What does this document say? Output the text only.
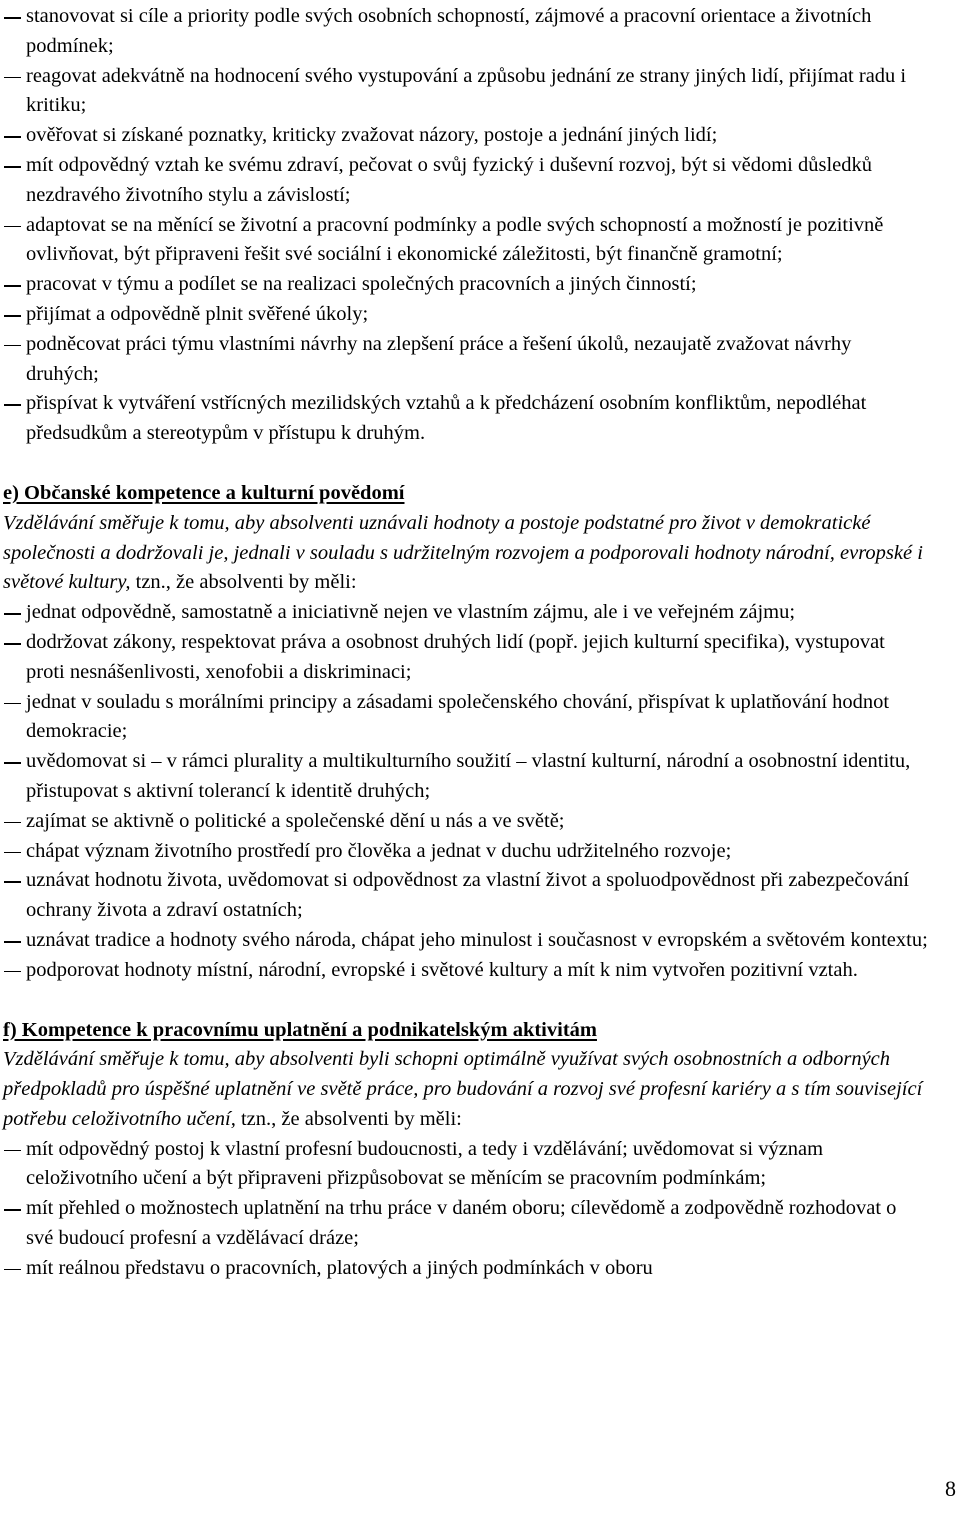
stanovovat si cíle a priority podle svých osobních schopností, zájmové a pracovní orientace a životních podmínek;
reagovat adekvátně na hodnocení svého vystupování a způsobu jednání ze strany jiných lidí, přijímat radu i kritiku;
ověřovat si získané poznatky, kriticky zvažovat názory, postoje a jednání jiných lidí;
mít odpovědný vztah ke svému zdraví, pečovat o svůj fyzický i duševní rozvoj, být si vědomi důsledků nezdravého životního stylu a závislostí;
adaptovat se na měnící se životní a pracovní podmínky a podle svých schopností a možností je pozitivně ovlivňovat, být připraveni řešit své sociální i ekonomické záležitosti, být finančně gramotní;
pracovat v týmu a podílet se na realizaci společných pracovních a jiných činností;
přijímat a odpovědně plnit svěřené úkoly;
podněcovat práci týmu vlastními návrhy na zlepšení práce a řešení úkolů, nezaujatě zvažovat návrhy druhých;
přispívat k vytváření vstřícných mezilidských vztahů a k předcházení osobním konfliktům, nepodléhat předsudkům a stereotypům v přístupu k druhým.
e) Občanské kompetence a kulturní povědomí
Vzdělávání směřuje k tomu, aby absolventi uznávali hodnoty a postoje podstatné pro život v demokratické společnosti a dodržovali je, jednali v souladu s udržitelným rozvojem a podporovali hodnoty národní, evropské i světové kultury, tzn., že absolventi by měli:
jednat odpovědně, samostatně a iniciativně nejen ve vlastním zájmu, ale i ve veřejném zájmu;
dodržovat zákony, respektovat práva a osobnost druhých lidí (popř. jejich kulturní specifika), vystupovat proti nesnášenlivosti, xenofobii a diskriminaci;
jednat v souladu s morálními principy a zásadami společenského chování, přispívat k uplatňování hodnot demokracie;
uvědomovat si – v rámci plurality a multikulturního soužití – vlastní kulturní, národní a osobnostní identitu, přistupovat s aktivní tolerancí k identitě druhých;
zajímat se aktivně o politické a společenské dění u nás a ve světě;
chápat význam životního prostředí pro člověka a jednat v duchu udržitelného rozvoje;
uznávat hodnotu života, uvědomovat si odpovědnost za vlastní život a spoluodpovědnost při zabezpečování ochrany života a zdraví ostatních;
uznávat tradice a hodnoty svého národa, chápat jeho minulost i současnost v evropském a světovém kontextu;
podporovat hodnoty místní, národní, evropské i světové kultury a mít k nim vytvořen pozitivní vztah.
f) Kompetence k pracovnímu uplatnění a podnikatelským aktivitám
Vzdělávání směřuje k tomu, aby absolventi byli schopni optimálně využívat svých osobnostních a odborných předpokladů pro úspěšné uplatnění ve světě práce, pro budování a rozvoj své profesní kariéry a s tím související potřebu celoživotního učení, tzn., že absolventi by měli:
mít odpovědný postoj k vlastní profesní budoucnosti, a tedy i vzdělávání; uvědomovat si význam celoživotního učení a být připraveni přizpůsobovat se měnícím se pracovním podmínkám;
mít přehled o možnostech uplatnění na trhu práce v daném oboru; cílevědomě a zodpovědně rozhodovat o své budoucí profesní a vzdělávací dráze;
mít reálnou představu o pracovních, platových a jiných podmínkách v oboru
8
